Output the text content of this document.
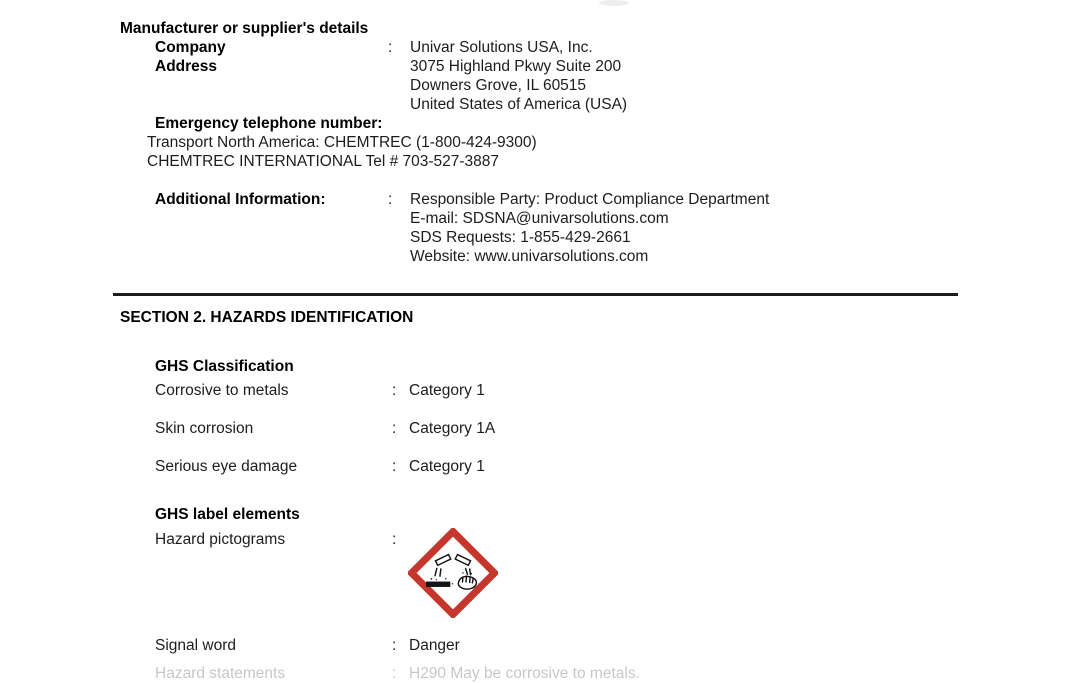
Manufacturer or supplier's details
Company	: Univar Solutions USA, Inc.
Address	3075 Highland Pkwy Suite 200
Downers Grove, IL 60515
United States of America (USA)
Emergency telephone number:
Transport North America: CHEMTREC (1-800-424-9300)
CHEMTREC INTERNATIONAL Tel # 703-527-3887
Additional Information:	: Responsible Party: Product Compliance Department
E-mail: SDSNA@univarsolutions.com
SDS Requests: 1-855-429-2661
Website: www.univarsolutions.com
SECTION 2. HAZARDS IDENTIFICATION
GHS Classification
Corrosive to metals	: Category 1
Skin corrosion	: Category 1A
Serious eye damage	: Category 1
GHS label elements
Hazard pictograms	:
Signal word	: Danger
Hazard statements	: H290 May be corrosive to metals.
